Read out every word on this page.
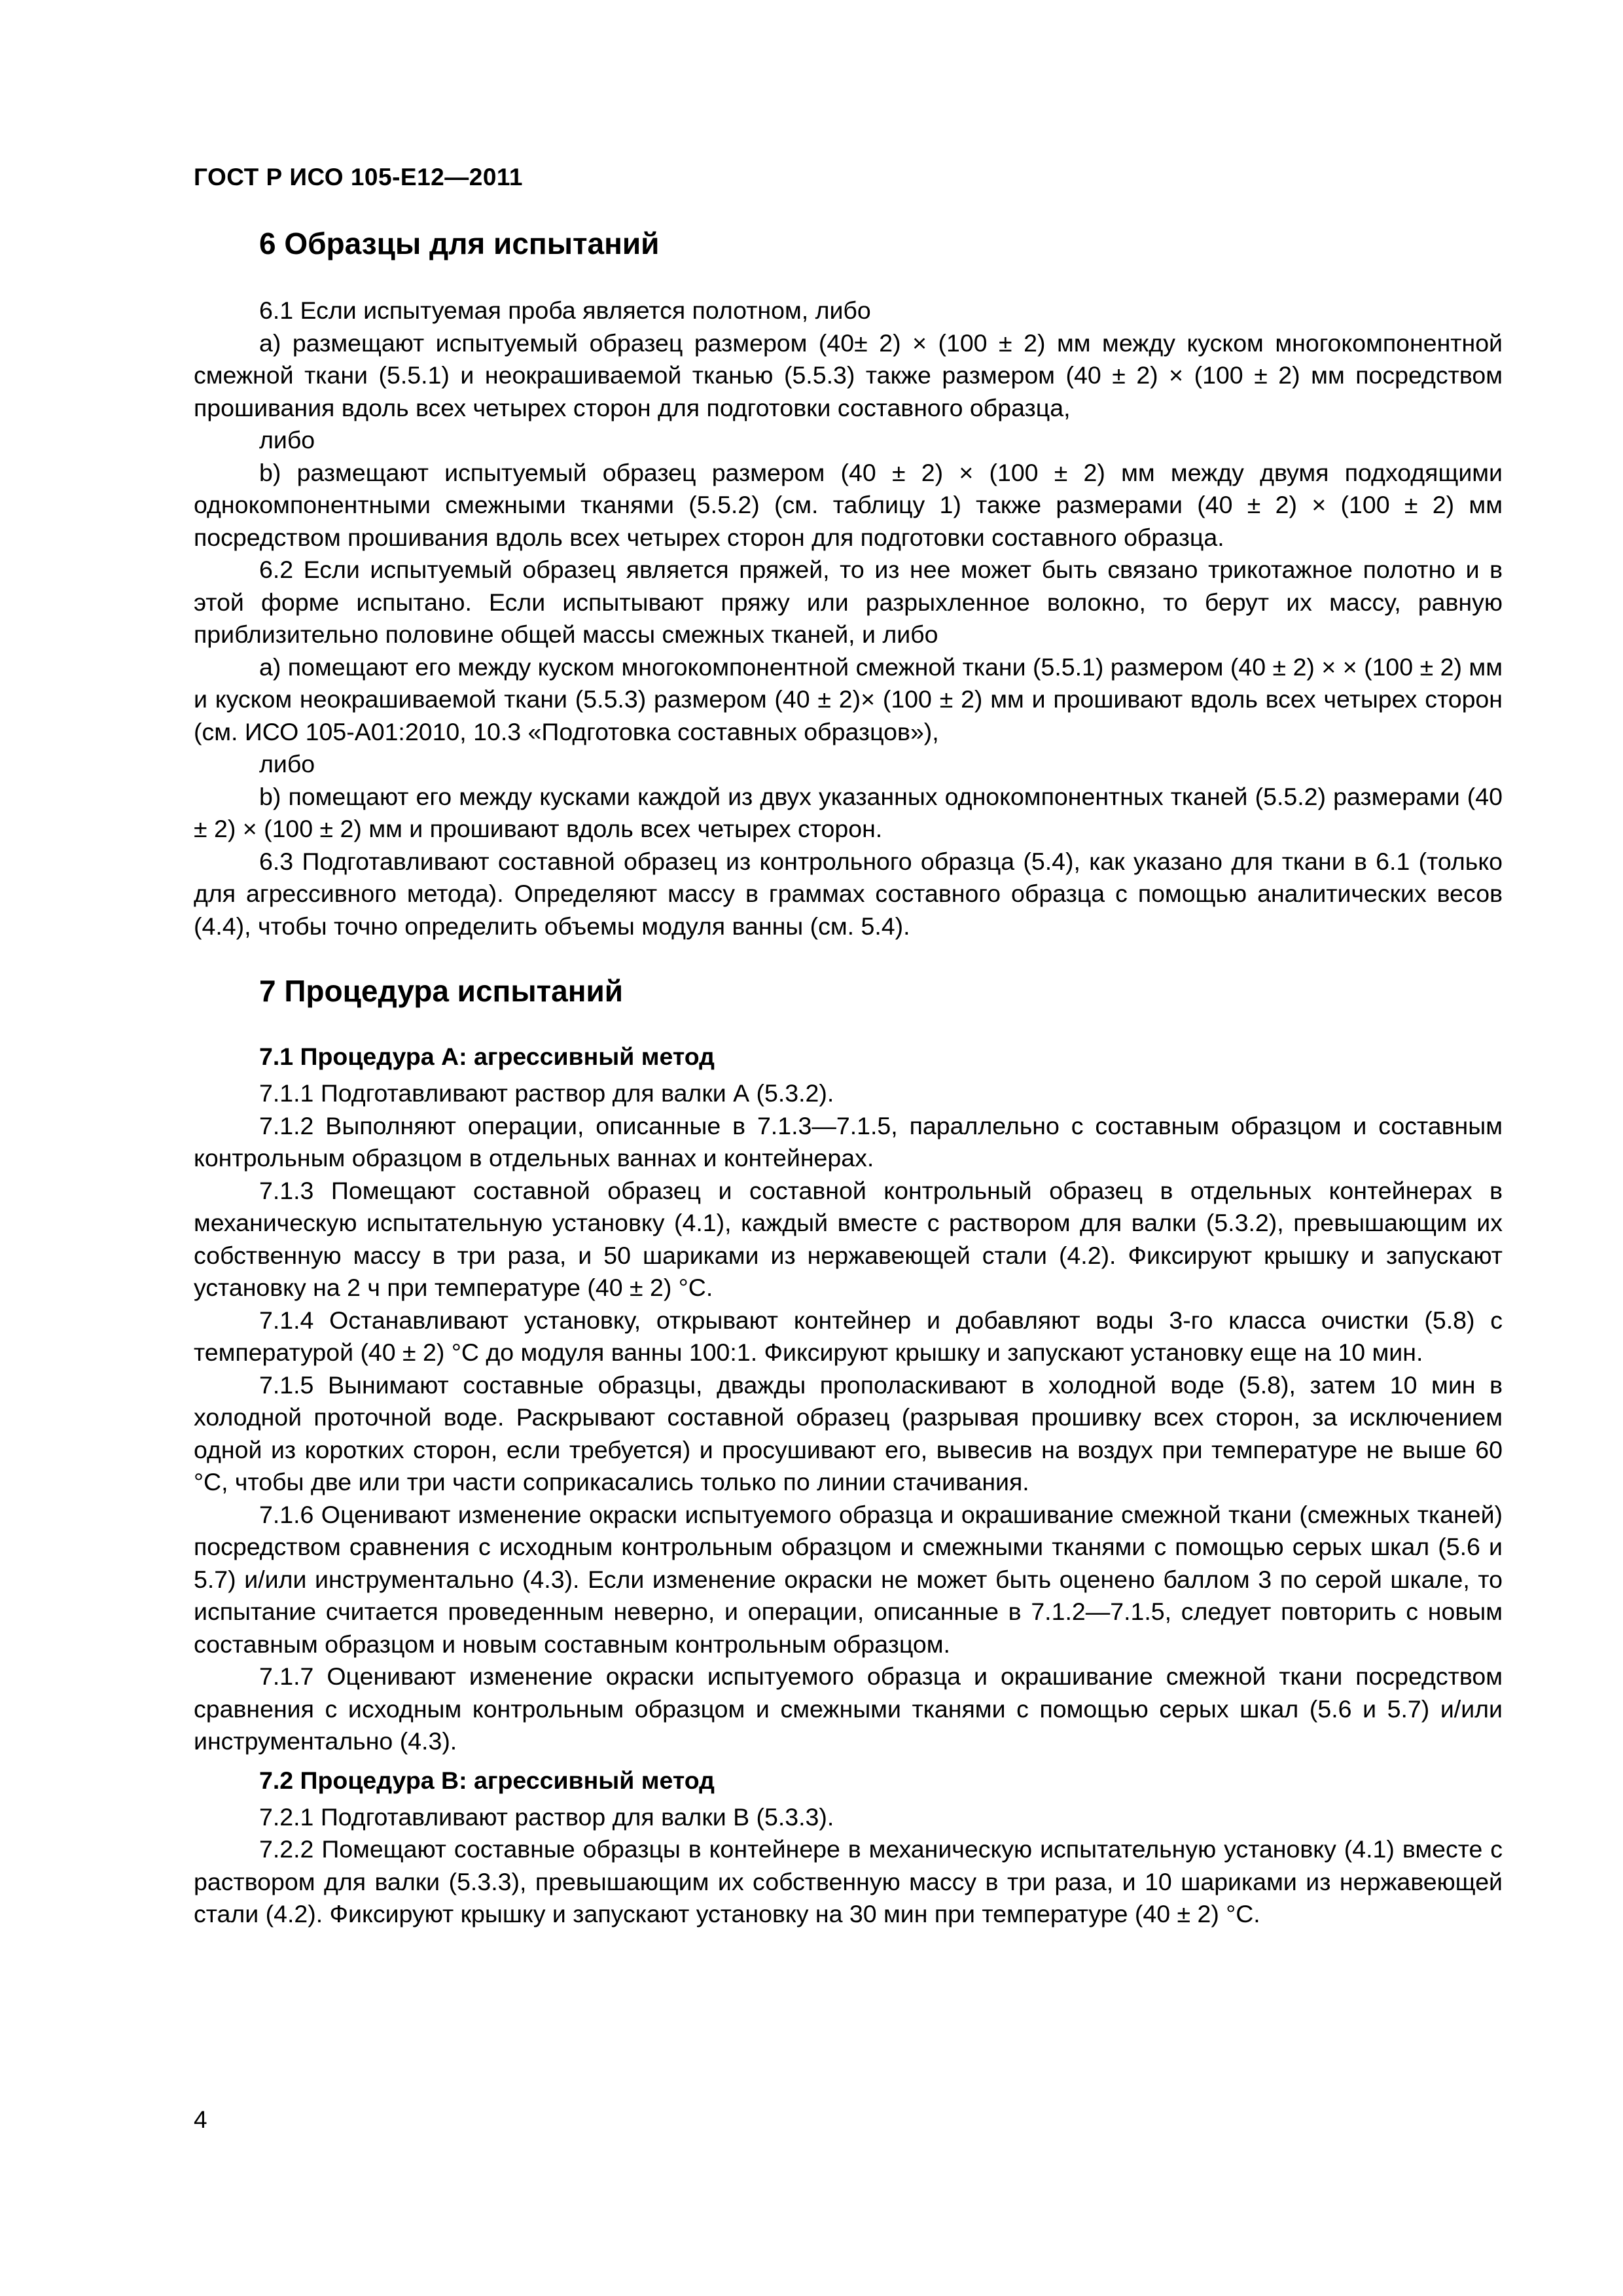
ГОСТ Р ИСО 105-E12—2011
6 Образцы для испытаний

6.1 Если испытуемая проба является полотном, либо

a) размещают испытуемый образец размером (40± 2) × (100 ± 2) мм между куском многокомпонентной смежной ткани (5.5.1) и неокрашиваемой тканью (5.5.3) также размером (40 ± 2) × (100 ± 2) мм посредством прошивания вдоль всех четырех сторон для подготовки составного образца,

либо

b) размещают испытуемый образец размером (40 ± 2) × (100 ± 2) мм между двумя подходящими однокомпонентными смежными тканями (5.5.2) (см. таблицу 1) также размерами (40 ± 2) × (100 ± 2) мм посредством прошивания вдоль всех четырех сторон для подготовки составного образца.

6.2 Если испытуемый образец является пряжей, то из нее может быть связано трикотажное полотно и в этой форме испытано. Если испытывают пряжу или разрыхленное волокно, то берут их массу, равную приблизительно половине общей массы смежных тканей, и либо

a) помещают его между куском многокомпонентной смежной ткани (5.5.1) размером (40 ± 2) × × (100 ± 2) мм и куском неокрашиваемой ткани (5.5.3) размером (40 ± 2)× (100 ± 2) мм и прошивают вдоль всех четырех сторон (см. ИСО 105-A01:2010, 10.3 «Подготовка составных образцов»),

либо

b) помещают его между кусками каждой из двух указанных однокомпонентных тканей (5.5.2) размерами (40 ± 2) × (100 ± 2) мм и прошивают вдоль всех четырех сторон.

6.3 Подготавливают составной образец из контрольного образца (5.4), как указано для ткани в 6.1 (только для агрессивного метода). Определяют массу в граммах составного образца с помощью аналитических весов (4.4), чтобы точно определить объемы модуля ванны (см. 5.4).

7 Процедура испытаний
7.1 Процедура А: агрессивный метод

7.1.1 Подготавливают раствор для валки А (5.3.2).

7.1.2 Выполняют операции, описанные в 7.1.3—7.1.5, параллельно с составным образцом и составным контрольным образцом в отдельных ваннах и контейнерах.

7.1.3 Помещают составной образец и составной контрольный образец в отдельных контейнерах в механическую испытательную установку (4.1), каждый вместе с раствором для валки (5.3.2), превышающим их собственную массу в три раза, и 50 шариками из нержавеющей стали (4.2). Фиксируют крышку и запускают установку на 2 ч при температуре (40 ± 2) °С.

7.1.4 Останавливают установку, открывают контейнер и добавляют воды 3-го класса очистки (5.8) с температурой (40 ± 2) °С до модуля ванны 100:1. Фиксируют крышку и запускают установку еще на 10 мин.

7.1.5 Вынимают составные образцы, дважды прополаскивают в холодной воде (5.8), затем 10 мин в холодной проточной воде. Раскрывают составной образец (разрывая прошивку всех сторон, за исключением одной из коротких сторон, если требуется) и просушивают его, вывесив на воздух при температуре не выше 60 °С, чтобы две или три части соприкасались только по линии стачивания.

7.1.6 Оценивают изменение окраски испытуемого образца и окрашивание смежной ткани (смежных тканей) посредством сравнения с исходным контрольным образцом и смежными тканями с помощью серых шкал (5.6 и 5.7) и/или инструментально (4.3). Если изменение окраски не может быть оценено баллом 3 по серой шкале, то испытание считается проведенным неверно, и операции, описанные в 7.1.2—7.1.5, следует повторить с новым составным образцом и новым составным контрольным образцом.

7.1.7 Оценивают изменение окраски испытуемого образца и окрашивание смежной ткани посредством сравнения с исходным контрольным образцом и смежными тканями с помощью серых шкал (5.6 и 5.7) и/или инструментально (4.3).

7.2 Процедура В: агрессивный метод

7.2.1 Подготавливают раствор для валки В (5.3.3).

7.2.2 Помещают составные образцы в контейнере в механическую испытательную установку (4.1) вместе с раствором для валки (5.3.3), превышающим их собственную массу в три раза, и 10 шариками из нержавеющей стали (4.2). Фиксируют крышку и запускают установку на 30 мин при температуре (40 ± 2) °С.

4
